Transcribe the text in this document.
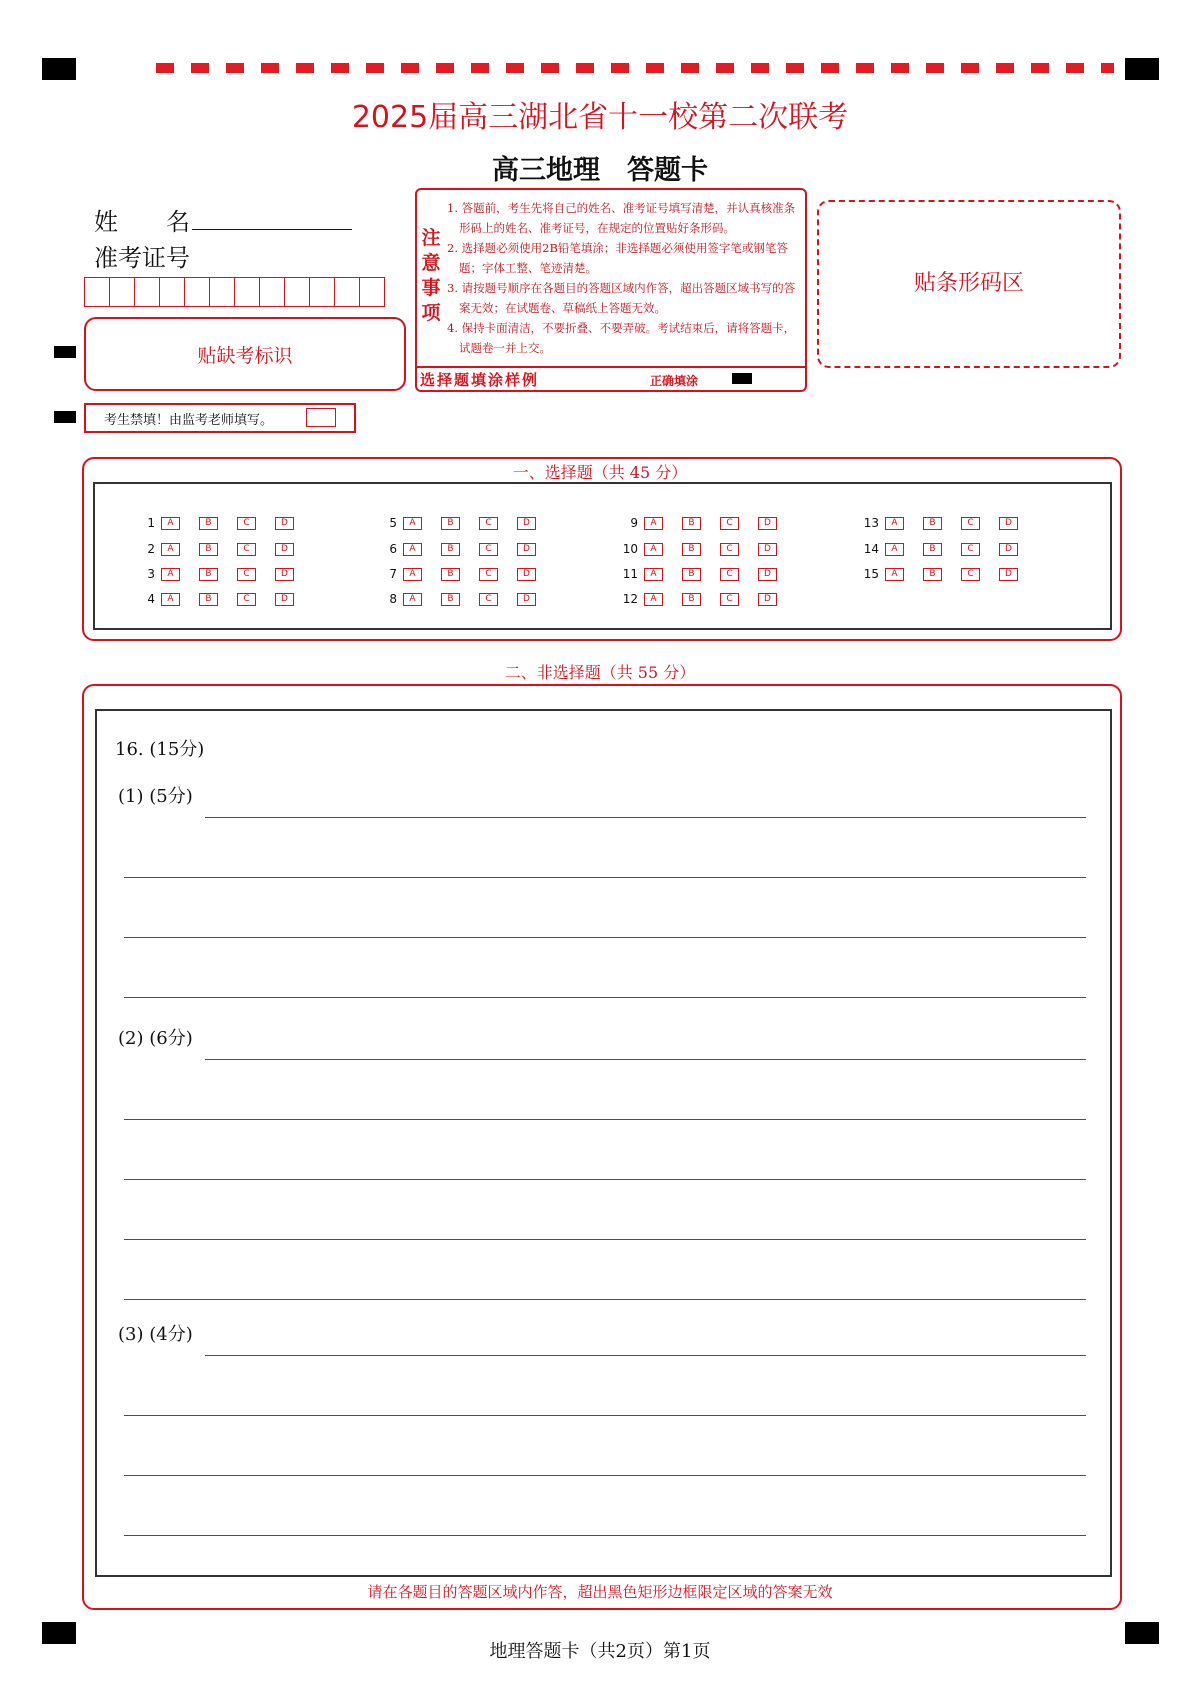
2025届高三湖北省十一校第二次联考
高三地理　答题卡
姓　　名
准考证号
贴缺考标识
考生禁填！由监考老师填写。
注
意
事
项
1. 答题前，考生先将自己的姓名、准考证号填写清楚，并认真核准条形码上的姓名、准考证号，在规定的位置贴好条形码。
2. 选择题必须使用2B铅笔填涂；非选择题必须使用签字笔或钢笔答题；字体工整、笔迹清楚。
3. 请按题号顺序在各题目的答题区域内作答，超出答题区域书写的答案无效；在试题卷、草稿纸上答题无效。
4. 保持卡面清洁，不要折叠、不要弄破。考试结束后，请将答题卡，试题卷一并上交。
选择题填涂样例	正确填涂
贴条形码区
一、选择题（共 45 分）
1	A	B	C	D
2	A	B	C	D
3	A	B	C	D
4	A	B	C	D
5	A	B	C	D
6	A	B	C	D
7	A	B	C	D
8	A	B	C	D
9	A	B	C	D
10	A	B	C	D
11	A	B	C	D
12	A	B	C	D
13	A	B	C	D
14	A	B	C	D
15	A	B	C	D
二、非选择题（共 55 分）
16. (15分)
(1) (5分)
(2) (6分)
(3) (4分)
请在各题目的答题区域内作答，超出黑色矩形边框限定区域的答案无效
地理答题卡（共2页）第1页
